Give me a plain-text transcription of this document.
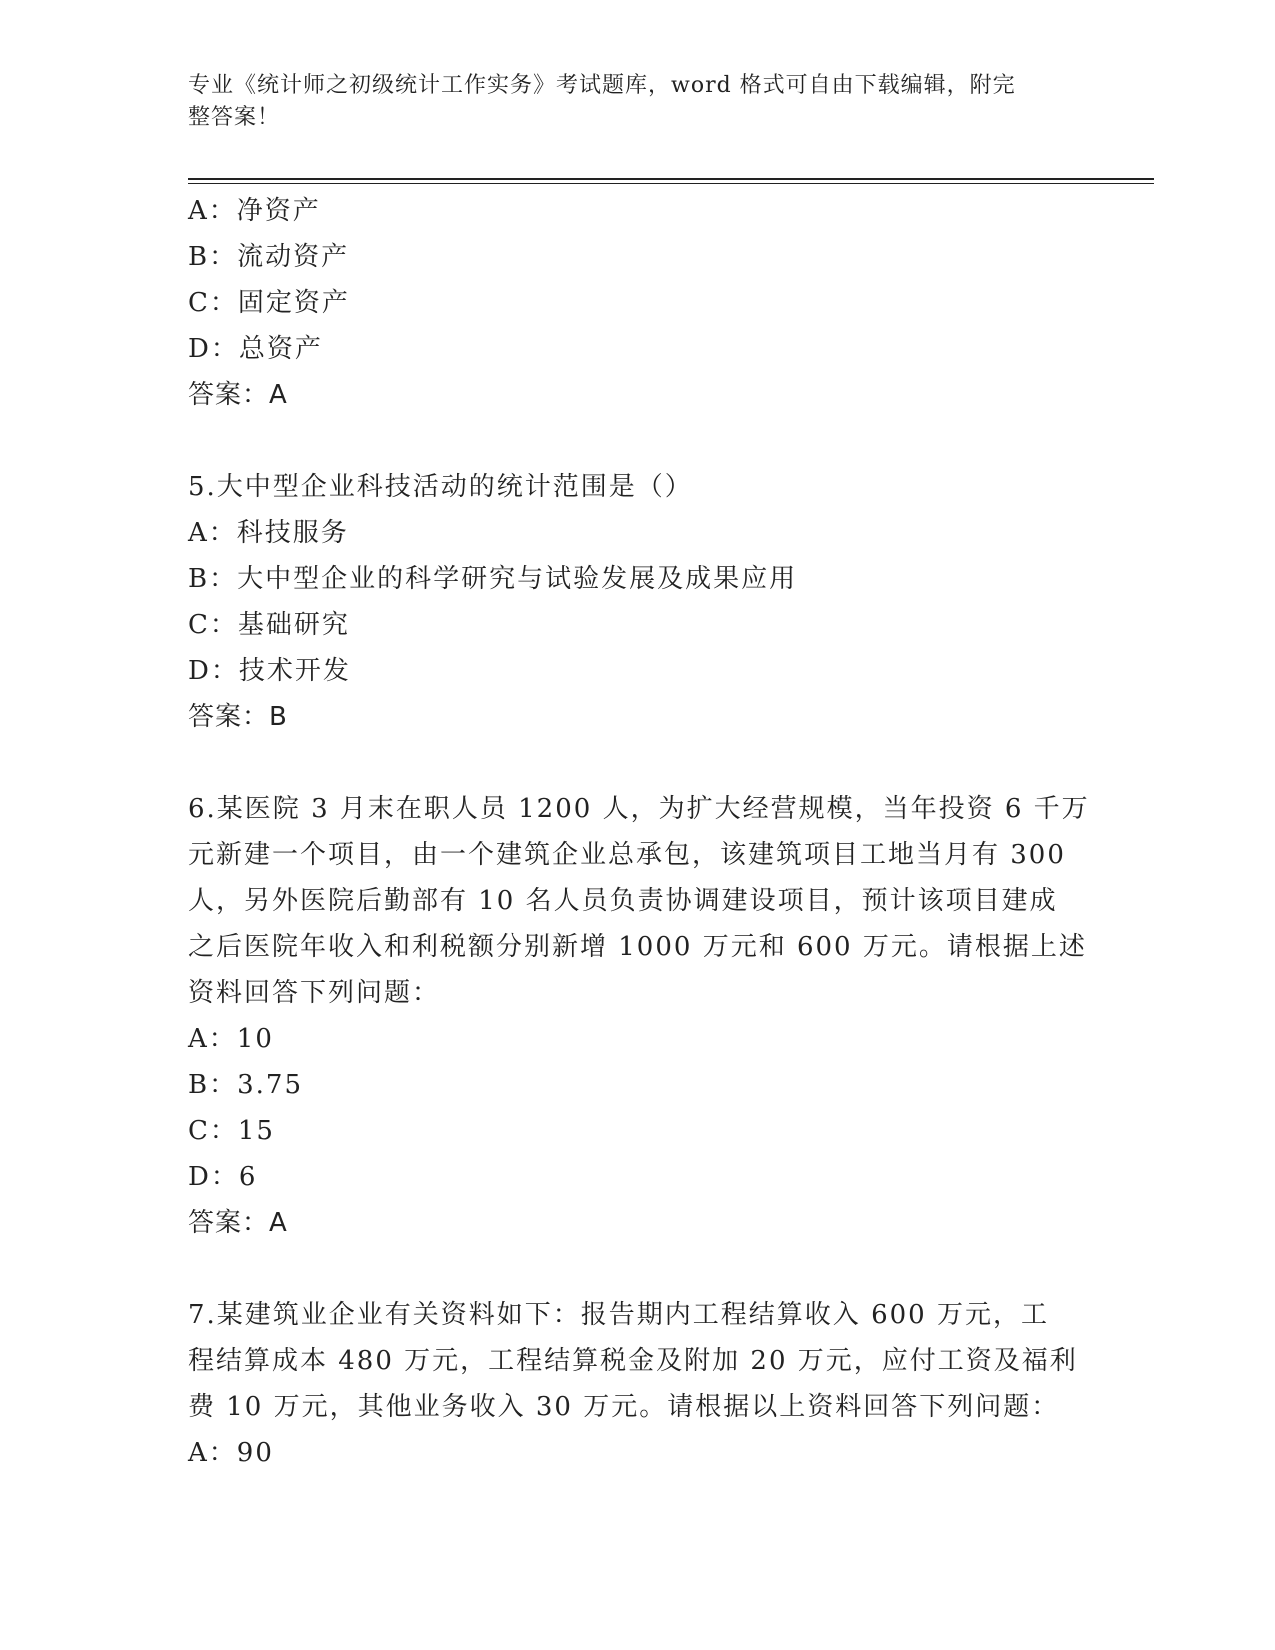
专业《统计师之初级统计工作实务》考试题库，word 格式可自由下载编辑，附完
整答案！

A：净资产

B：流动资产

C：固定资产

D：总资产

答案：A

5.大中型企业科技活动的统计范围是（）

A：科技服务

B：大中型企业的科学研究与试验发展及成果应用

C：基础研究

D：技术开发

答案：B

6.某医院 3 月末在职人员 1200 人，为扩大经营规模，当年投资 6 千万

元新建一个项目，由一个建筑企业总承包，该建筑项目工地当月有 300

人，另外医院后勤部有 10 名人员负责协调建设项目，预计该项目建成

之后医院年收入和利税额分别新增 1000 万元和 600 万元。请根据上述

资料回答下列问题：

A：10

B：3.75

C：15

D：6

答案：A

7.某建筑业企业有关资料如下：报告期内工程结算收入 600 万元，工

程结算成本 480 万元，工程结算税金及附加 20 万元，应付工资及福利

费 10 万元，其他业务收入 30 万元。请根据以上资料回答下列问题：

A：90
